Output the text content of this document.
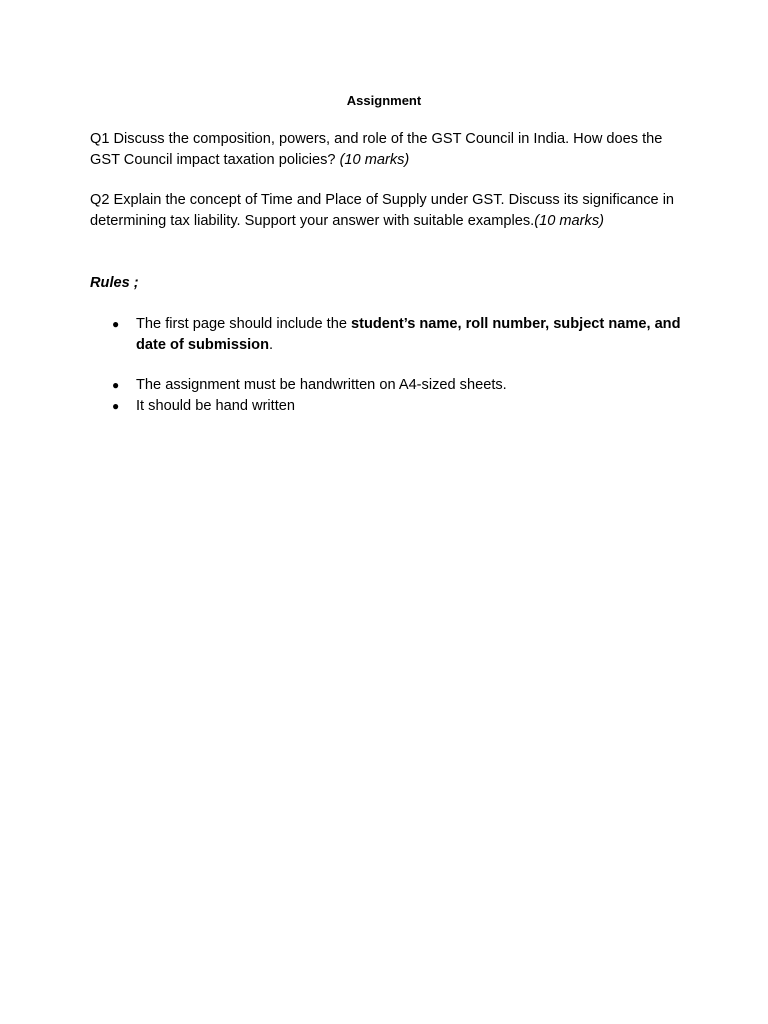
Assignment
Q1 Discuss the composition, powers, and role of the GST Council in India. How does the GST Council impact taxation policies? (10 marks)
Q2 Explain the concept of Time and Place of Supply under GST. Discuss its significance in determining tax liability. Support your answer with suitable examples.(10 marks)
Rules ;
●	The first page should include the student’s name, roll number, subject name, and date of submission.
●	The assignment must be handwritten on A4-sized sheets.
●	It should be hand written
